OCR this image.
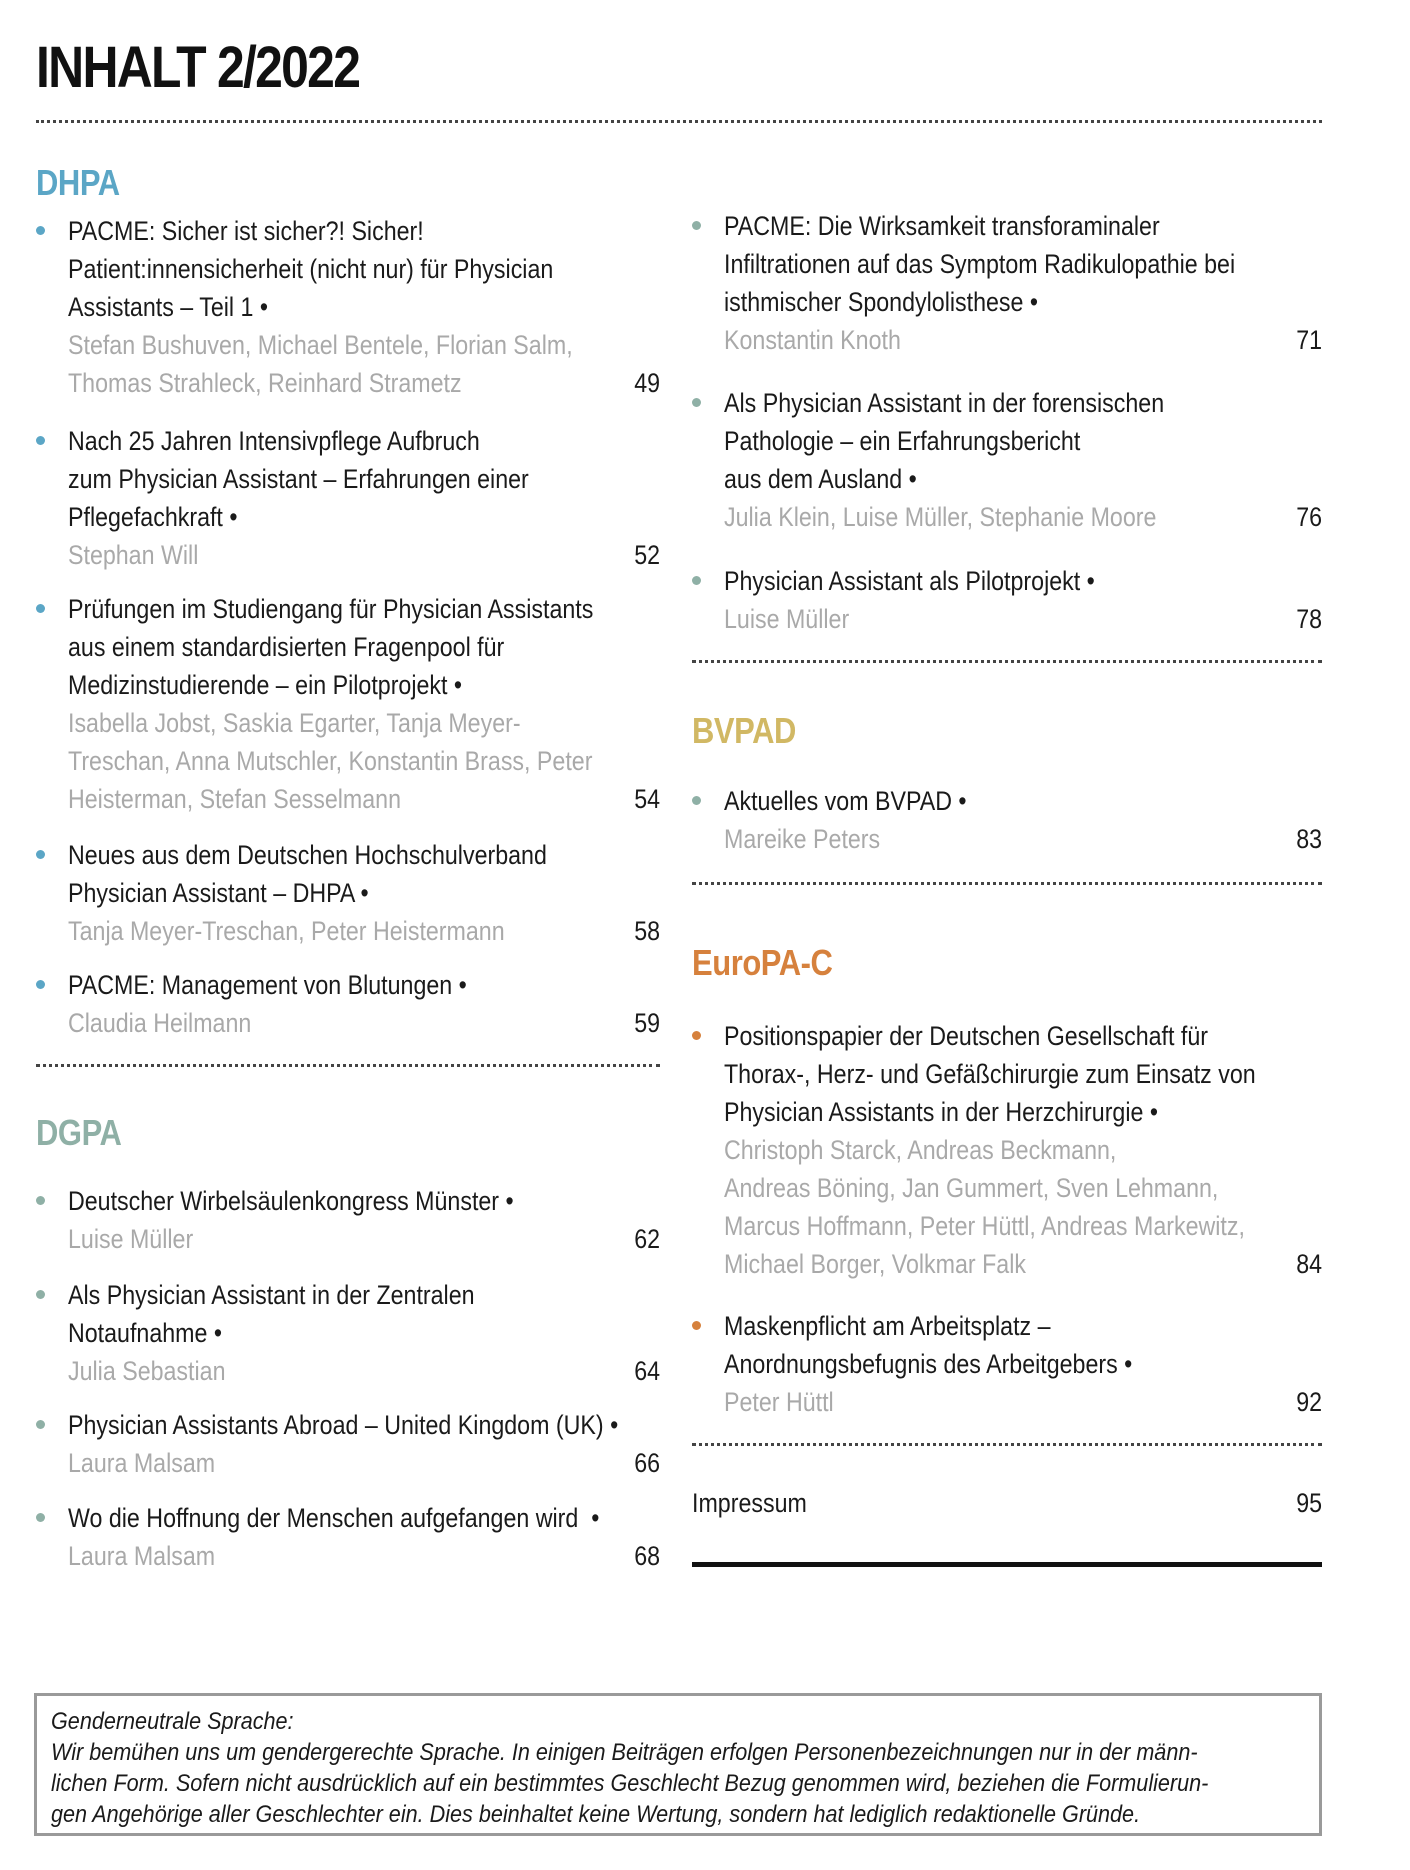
INHALT 2/2022
DHPA
PACME: Sicher ist sicher?! Sicher!
Patient:innensicherheit (nicht nur) für Physician
Assistants – Teil 1 •
Stefan Bushuven, Michael Bentele, Florian Salm,
Thomas Strahleck, Reinhard Strametz	49
Nach 25 Jahren Intensivpflege Aufbruch
zum Physician Assistant – Erfahrungen einer
Pflegefachkraft •
Stephan Will	52
Prüfungen im Studiengang für Physician Assistants
aus einem standardisierten Fragenpool für
Medizinstudierende – ein Pilotprojekt •
Isabella Jobst, Saskia Egarter, Tanja Meyer-
Treschan, Anna Mutschler, Konstantin Brass, Peter
Heisterman, Stefan Sesselmann	54
Neues aus dem Deutschen Hochschulverband
Physician Assistant – DHPA •
Tanja Meyer-Treschan, Peter Heistermann	58
PACME: Management von Blutungen •
Claudia Heilmann	59
DGPA
Deutscher Wirbelsäulenkongress Münster •
Luise Müller	62
Als Physician Assistant in der Zentralen
Notaufnahme •
Julia Sebastian	64
Physician Assistants Abroad – United Kingdom (UK) •
Laura Malsam	66
Wo die Hoffnung der Menschen aufgefangen wird  •
Laura Malsam	68
PACME: Die Wirksamkeit transforaminaler
Infiltrationen auf das Symptom Radikulopathie bei
isthmischer Spondylolisthese •
Konstantin Knoth	71
Als Physician Assistant in der forensischen
Pathologie – ein Erfahrungsbericht
aus dem Ausland •
Julia Klein, Luise Müller, Stephanie Moore	76
Physician Assistant als Pilotprojekt •
Luise Müller	78
BVPAD
Aktuelles vom BVPAD •
Mareike Peters	83
EuroPA-C
Positionspapier der Deutschen Gesellschaft für
Thorax-, Herz- und Gefäßchirurgie zum Einsatz von
Physician Assistants in der Herzchirurgie •
Christoph Starck, Andreas Beckmann,
Andreas Böning, Jan Gummert, Sven Lehmann,
Marcus Hoffmann, Peter Hüttl, Andreas Markewitz,
Michael Borger, Volkmar Falk	84
Maskenpflicht am Arbeitsplatz –
Anordnungsbefugnis des Arbeitgebers •
Peter Hüttl	92
Impressum	95
Genderneutrale Sprache:
Wir bemühen uns um gendergerechte Sprache. In einigen Beiträgen erfolgen Personenbezeichnungen nur in der männ-
lichen Form. Sofern nicht ausdrücklich auf ein bestimmtes Geschlecht Bezug genommen wird, beziehen die Formulierun-
gen Angehörige aller Geschlechter ein. Dies beinhaltet keine Wertung, sondern hat lediglich redaktionelle Gründe.
